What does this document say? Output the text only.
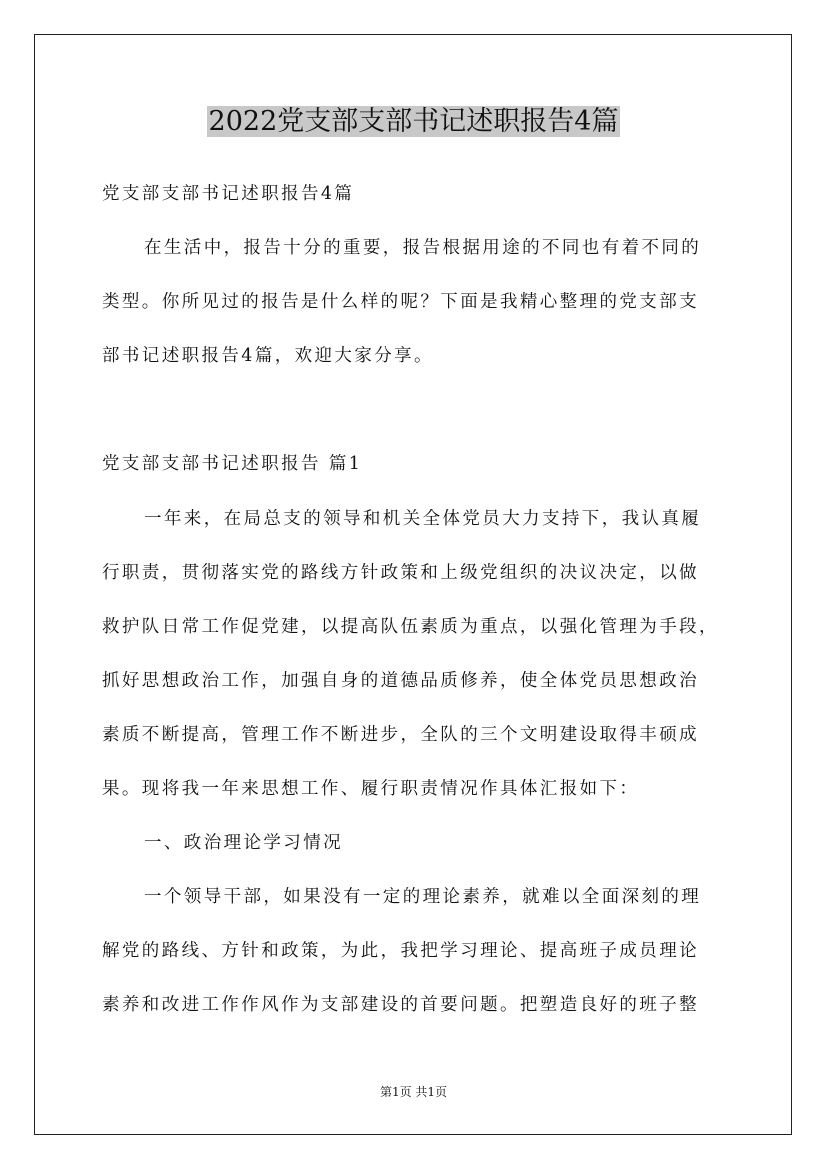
2022党支部支部书记述职报告4篇

党支部支部书记述职报告4篇

在生活中，报告十分的重要，报告根据用途的不同也有着不同的

类型。你所见过的报告是什么样的呢？下面是我精心整理的党支部支

部书记述职报告4篇，欢迎大家分享。

党支部支部书记述职报告 篇1

一年来，在局总支的领导和机关全体党员大力支持下，我认真履

行职责，贯彻落实党的路线方针政策和上级党组织的决议决定，以做

救护队日常工作促党建，以提高队伍素质为重点，以强化管理为手段，

抓好思想政治工作，加强自身的道德品质修养，使全体党员思想政治

素质不断提高，管理工作不断进步，全队的三个文明建设取得丰硕成

果。现将我一年来思想工作、履行职责情况作具体汇报如下：

一、政治理论学习情况

一个领导干部，如果没有一定的理论素养，就难以全面深刻的理

解党的路线、方针和政策，为此，我把学习理论、提高班子成员理论

素养和改进工作作风作为支部建设的首要问题。把塑造良好的班子整

第1页 共1页
